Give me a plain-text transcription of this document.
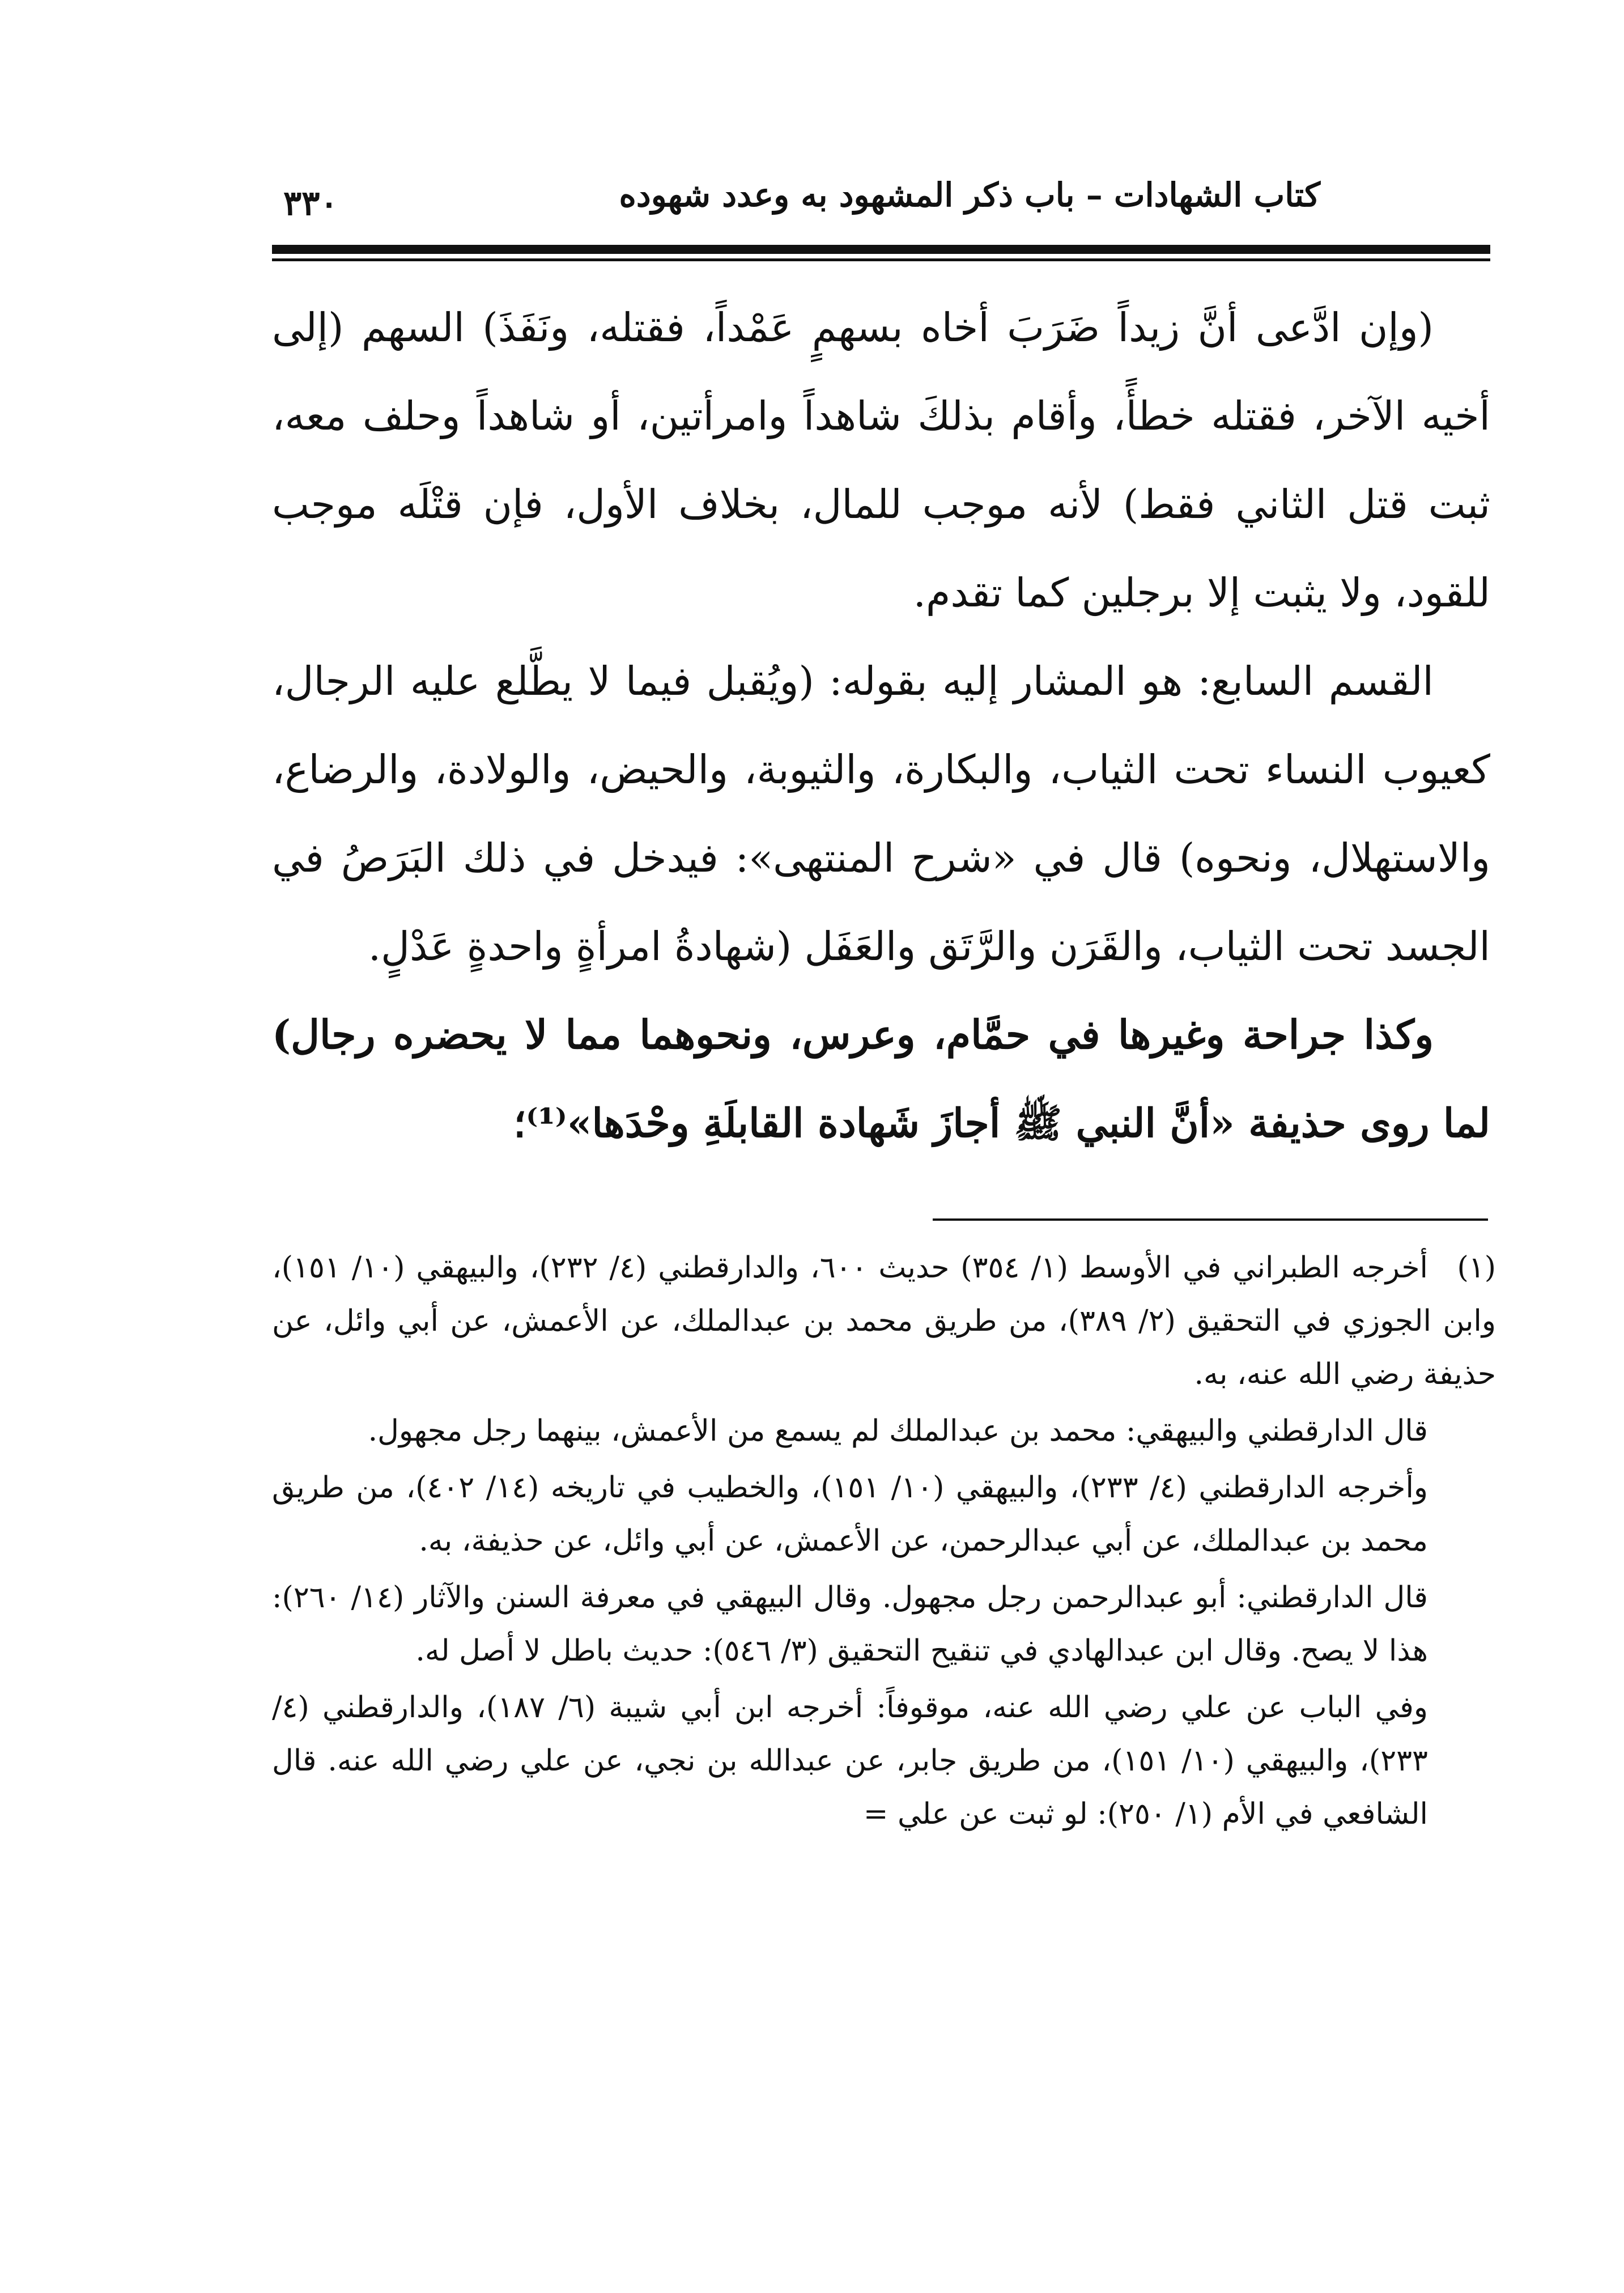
كتاب الشهادات – باب ذكر المشهود به وعدد شهوده
٣٣٠

(وإن ادَّعى أنَّ زيداً ضَرَبَ أخاه بسهمٍ عَمْداً، فقتله، ونَفَذَ) السهم (إلى أخيه الآخر، فقتله خطأً، وأقام بذلكَ شاهداً وامرأتين، أو شاهداً وحلف معه، ثبت قتل الثاني فقط) لأنه موجب للمال، بخلاف الأول، فإن قتْلَه موجب للقود، ولا يثبت إلا برجلين كما تقدم.

القسم السابع: هو المشار إليه بقوله: (ويُقبل فيما لا يطَّلع عليه الرجال، كعيوب النساء تحت الثياب، والبكارة، والثيوبة، والحيض، والولادة، والرضاع، والاستهلال، ونحوه) قال في «شرح المنتهى»: فيدخل في ذلك البَرَصُ في الجسد تحت الثياب، والقَرَن والرَّتَق والعَفَل (شهادةُ امرأةٍ واحدةٍ عَدْلٍ.

وكذا جراحة وغيرها في حمَّام، وعرس، ونحوهما مما لا يحضره رجال) لما روى حذيفة «أنَّ النبي ﷺ أجازَ شَهادة القابلَةِ وحْدَها»⁽¹⁾؛

(١)أخرجه الطبراني في الأوسط (١/ ٣٥٤) حديث ٦٠٠، والدارقطني (٤/ ٢٣٢)، والبيهقي (١٠/ ١٥١)، وابن الجوزي في التحقيق (٢/ ٣٨٩)، من طريق محمد بن عبدالملك، عن الأعمش، عن أبي وائل، عن حذيفة رضي الله عنه، به.

قال الدارقطني والبيهقي: محمد بن عبدالملك لم يسمع من الأعمش، بينهما رجل مجهول.

وأخرجه الدارقطني (٤/ ٢٣٣)، والبيهقي (١٠/ ١٥١)، والخطيب في تاريخه (١٤/ ٤٠٢)، من طريق محمد بن عبدالملك، عن أبي عبدالرحمن، عن الأعمش، عن أبي وائل، عن حذيفة، به.

قال الدارقطني: أبو عبدالرحمن رجل مجهول. وقال البيهقي في معرفة السنن والآثار (١٤/ ٢٦٠): هذا لا يصح. وقال ابن عبدالهادي في تنقيح التحقيق (٣/ ٥٤٦): حديث باطل لا أصل له.

وفي الباب عن علي رضي الله عنه، موقوفاً: أخرجه ابن أبي شيبة (٦/ ١٨٧)، والدارقطني (٤/ ٢٣٣)، والبيهقي (١٠/ ١٥١)، من طريق جابر، عن عبدالله بن نجي، عن علي رضي الله عنه. قال الشافعي في الأم (١/ ٢٥٠): لو ثبت عن علي =
